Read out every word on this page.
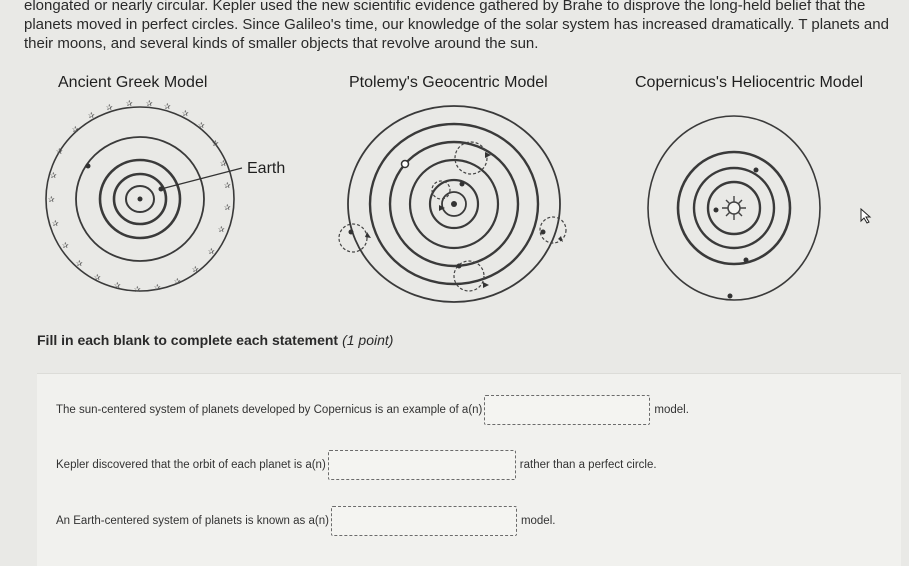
elongated or nearly circular. Kepler used the new scientific evidence gathered by Brahe to disprove the long-held belief that the planets moved in perfect circles. Since Galileo's time, our knowledge of the solar system has increased dramatically. T planets and their moons, and several kinds of smaller objects that revolve around the sun.
Ancient Greek Model	Ptolemy's Geocentric Model	Copernicus's Heliocentric Model
✰
✰
✰ ✰ ✰ ✰
✰
✰
✰
✰
✰
✰
✰
✰
✰
✰
✰
✰
✰
✰
✰
✰
✰
✰
✰
✰
Earth
Fill in each blank to complete each statement (1 point)
The sun-centered system of planets developed by Copernicus is an example of a(n)	model.
Kepler discovered that the orbit of each planet is a(n)	rather than a perfect circle.
An Earth-centered system of planets is known as a(n)	model.
